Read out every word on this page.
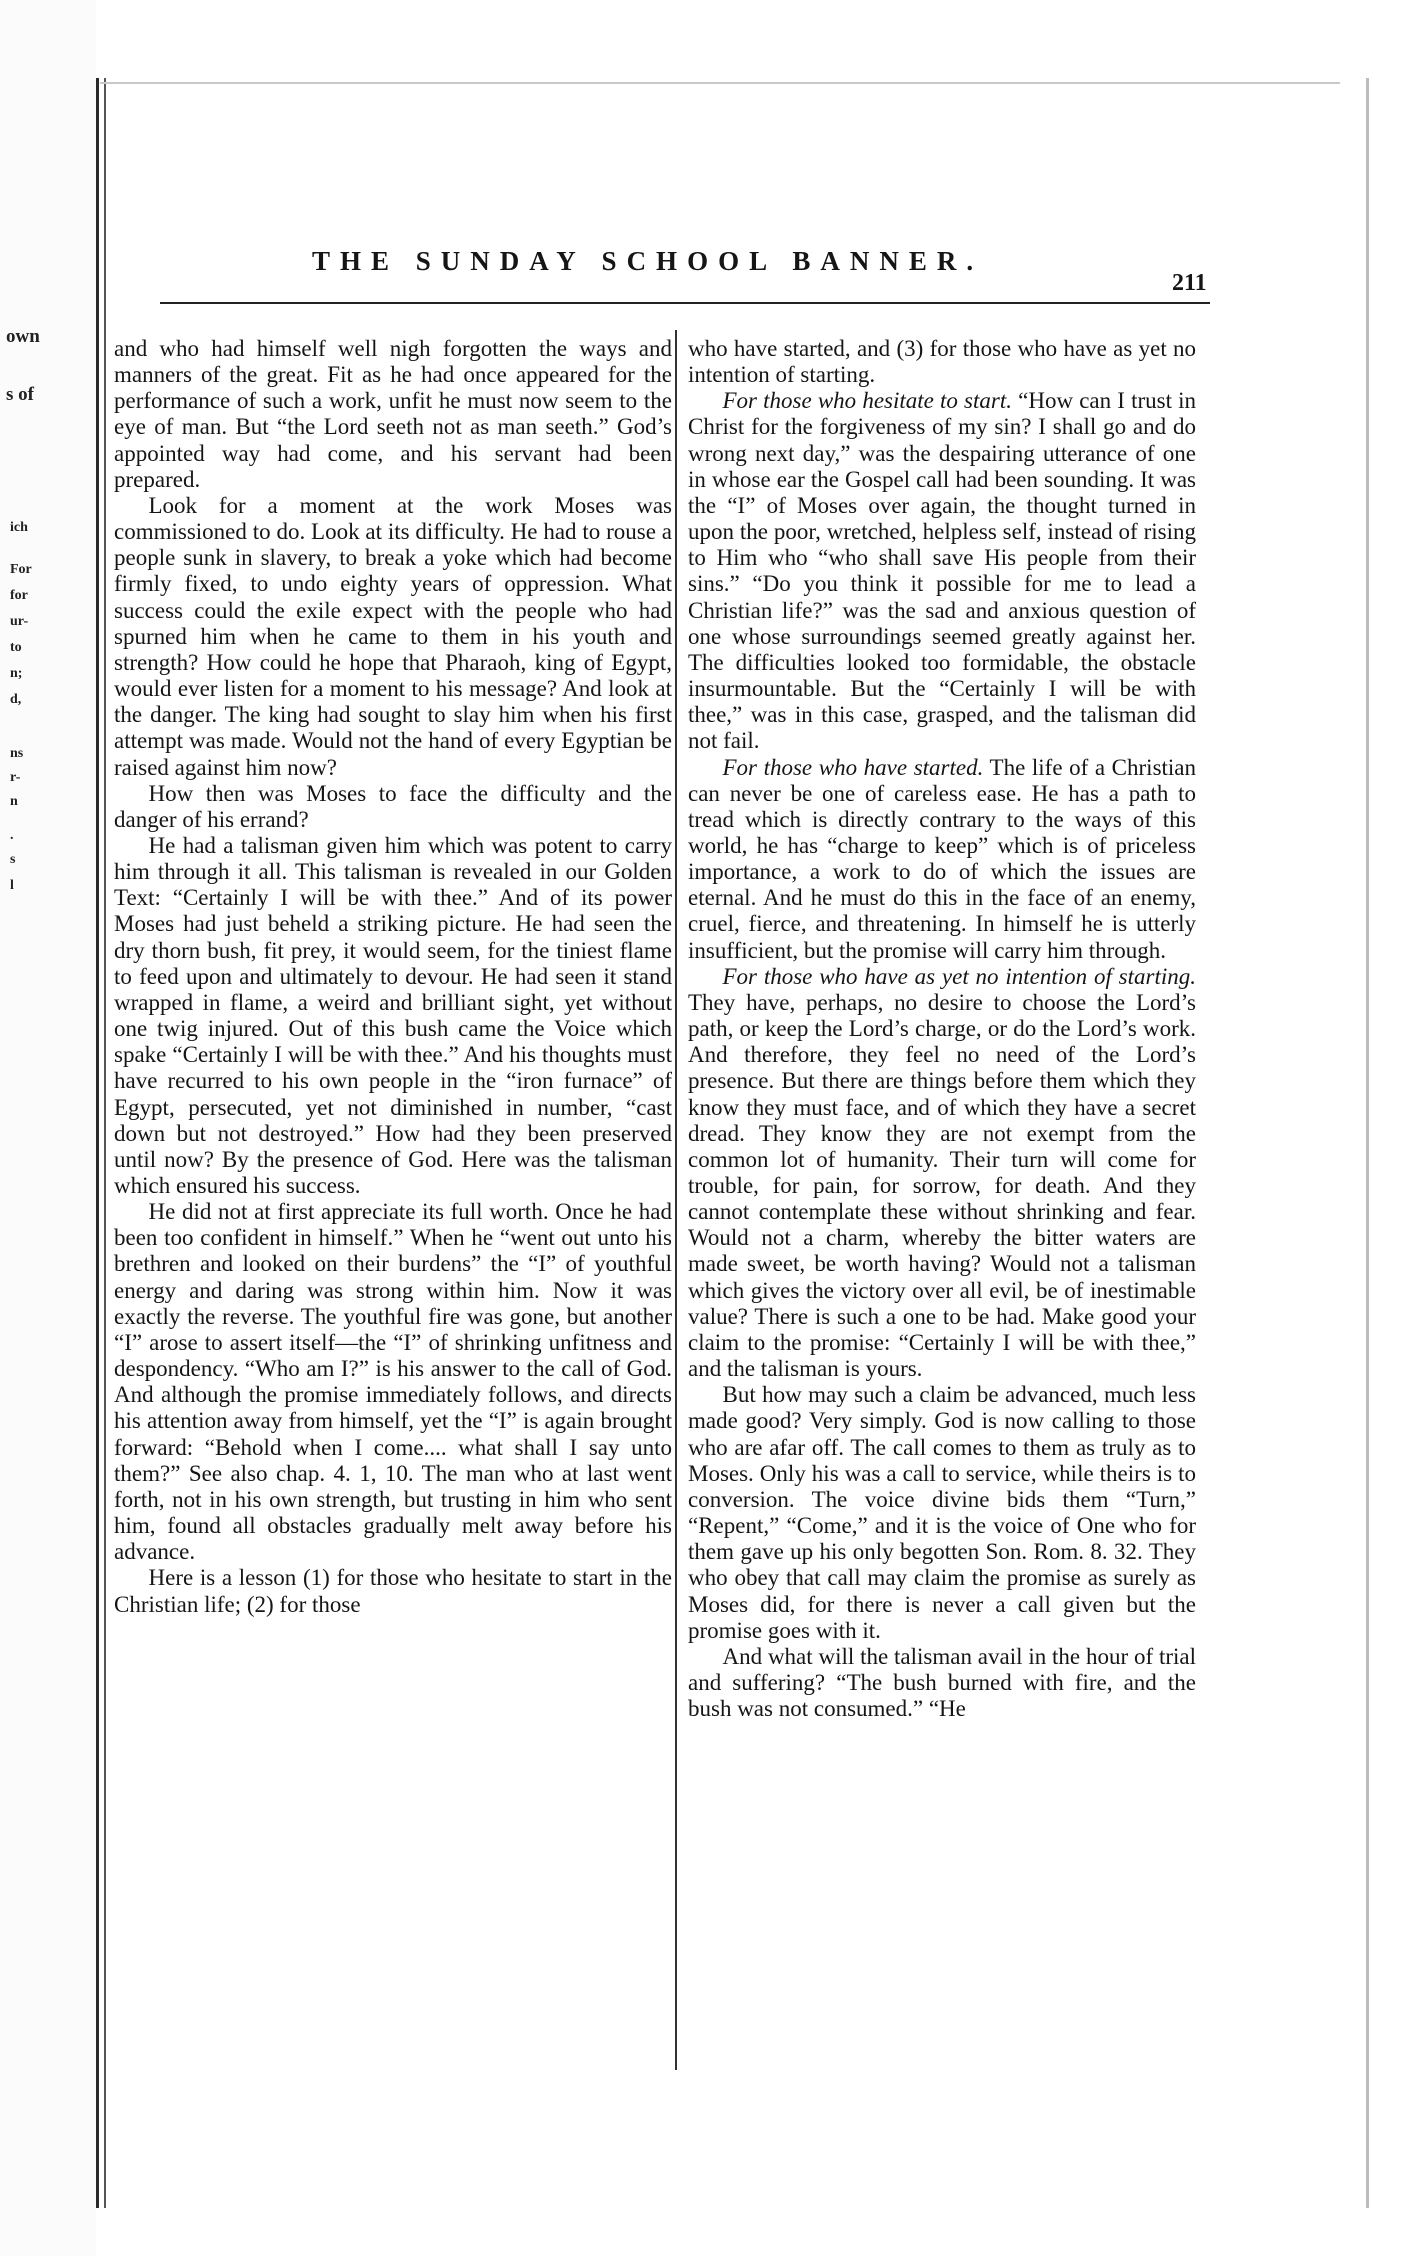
own
s of
ich
For
for
ur-
to
n;
d,
ns
r-
n
.
s
l
THE SUNDAY SCHOOL BANNER.
211

and who had himself well nigh forgotten the ways and manners of the great. Fit as he had once appeared for the performance of such a work, unfit he must now seem to the eye of man. But “the Lord seeth not as man seeth.” God’s appointed way had come, and his servant had been prepared.

Look for a moment at the work Moses was commissioned to do. Look at its difficulty. He had to rouse a people sunk in slavery, to break a yoke which had become firmly fixed, to undo eighty years of oppression. What success could the exile expect with the people who had spurned him when he came to them in his youth and strength? How could he hope that Pharaoh, king of Egypt, would ever listen for a moment to his message? And look at the danger. The king had sought to slay him when his first attempt was made. Would not the hand of every Egyptian be raised against him now?

How then was Moses to face the difficulty and the danger of his errand?

He had a talisman given him which was potent to carry him through it all. This talisman is revealed in our Golden Text: “Certainly I will be with thee.” And of its power Moses had just beheld a striking picture. He had seen the dry thorn bush, fit prey, it would seem, for the tiniest flame to feed upon and ultimately to devour. He had seen it stand wrapped in flame, a weird and brilliant sight, yet without one twig injured. Out of this bush came the Voice which spake “Certainly I will be with thee.” And his thoughts must have recurred to his own people in the “iron furnace” of Egypt, persecuted, yet not diminished in number, “cast down but not destroyed.” How had they been preserved until now? By the presence of God. Here was the talisman which ensured his success.

He did not at first appreciate its full worth. Once he had been too confident in himself.” When he “went out unto his brethren and looked on their burdens” the “I” of youthful energy and daring was strong within him. Now it was exactly the reverse. The youthful fire was gone, but another “I” arose to assert itself—the “I” of shrinking unfitness and despondency. “Who am I?” is his answer to the call of God. And although the promise immediately follows, and directs his attention away from himself, yet the “I” is again brought forward: “Behold when I come.... what shall I say unto them?” See also chap. 4. 1, 10. The man who at last went forth, not in his own strength, but trusting in him who sent him, found all obstacles gradually melt away before his advance.

Here is a lesson (1) for those who hesitate to start in the Christian life; (2) for those

who have started, and (3) for those who have as yet no intention of starting.

For those who hesitate to start. “How can I trust in Christ for the forgiveness of my sin? I shall go and do wrong next day,” was the despairing utterance of one in whose ear the Gospel call had been sounding. It was the “I” of Moses over again, the thought turned in upon the poor, wretched, helpless self, instead of rising to Him who “who shall save His people from their sins.” “Do you think it possible for me to lead a Christian life?” was the sad and anxious question of one whose surroundings seemed greatly against her. The difficulties looked too formidable, the obstacle insurmountable. But the “Certainly I will be with thee,” was in this case, grasped, and the talisman did not fail.

For those who have started. The life of a Christian can never be one of careless ease. He has a path to tread which is directly contrary to the ways of this world, he has “charge to keep” which is of priceless importance, a work to do of which the issues are eternal. And he must do this in the face of an enemy, cruel, fierce, and threatening. In himself he is utterly insufficient, but the promise will carry him through.

For those who have as yet no intention of starting. They have, perhaps, no desire to choose the Lord’s path, or keep the Lord’s charge, or do the Lord’s work. And therefore, they feel no need of the Lord’s presence. But there are things before them which they know they must face, and of which they have a secret dread. They know they are not exempt from the common lot of humanity. Their turn will come for trouble, for pain, for sorrow, for death. And they cannot contemplate these without shrinking and fear. Would not a charm, whereby the bitter waters are made sweet, be worth having? Would not a talisman which gives the victory over all evil, be of inestimable value? There is such a one to be had. Make good your claim to the promise: “Certainly I will be with thee,” and the talisman is yours.

But how may such a claim be advanced, much less made good? Very simply. God is now calling to those who are afar off. The call comes to them as truly as to Moses. Only his was a call to service, while theirs is to conversion. The voice divine bids them “Turn,” “Repent,” “Come,” and it is the voice of One who for them gave up his only begotten Son. Rom. 8. 32. They who obey that call may claim the promise as surely as Moses did, for there is never a call given but the promise goes with it.

And what will the talisman avail in the hour of trial and suffering? “The bush burned with fire, and the bush was not consumed.” “He
